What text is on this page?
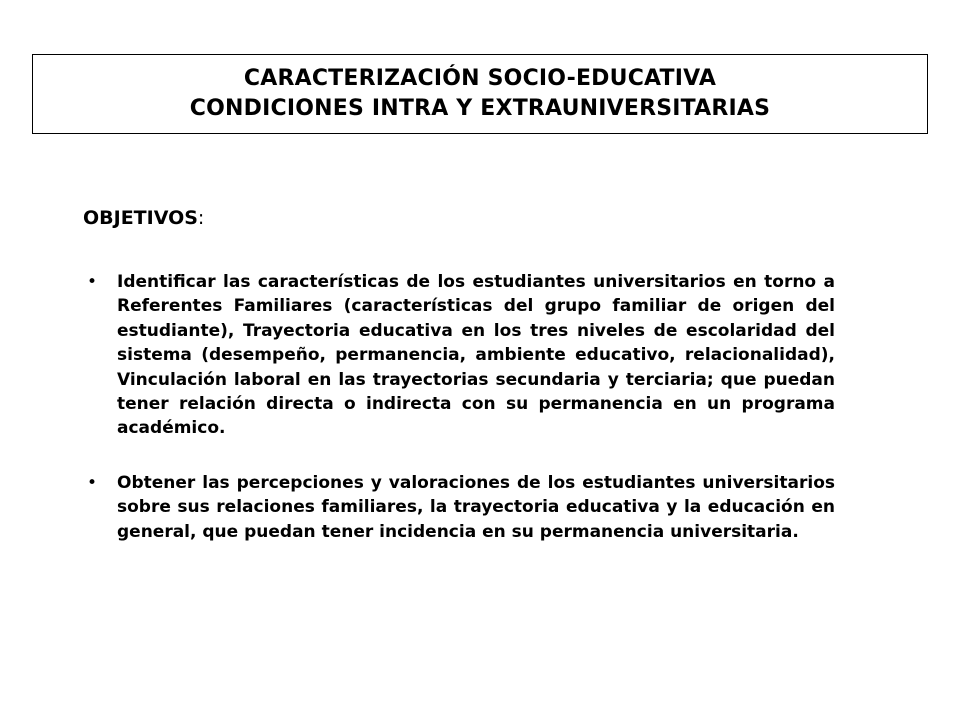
CARACTERIZACIÓN SOCIO-EDUCATIVA
CONDICIONES INTRA Y EXTRAUNIVERSITARIAS
OBJETIVOS:
• Identificar las características de los estudiantes universitarios en torno a Referentes Familiares (características del grupo familiar de origen del estudiante), Trayectoria educativa en los tres niveles de escolaridad del sistema (desempeño, permanencia, ambiente educativo, relacionalidad), Vinculación laboral en las trayectorias secundaria y terciaria; que puedan tener relación directa o indirecta con su permanencia en un programa académico.
• Obtener las percepciones y valoraciones de los estudiantes universitarios sobre sus relaciones familiares, la trayectoria educativa y la educación en general, que puedan tener incidencia en su permanencia universitaria.
